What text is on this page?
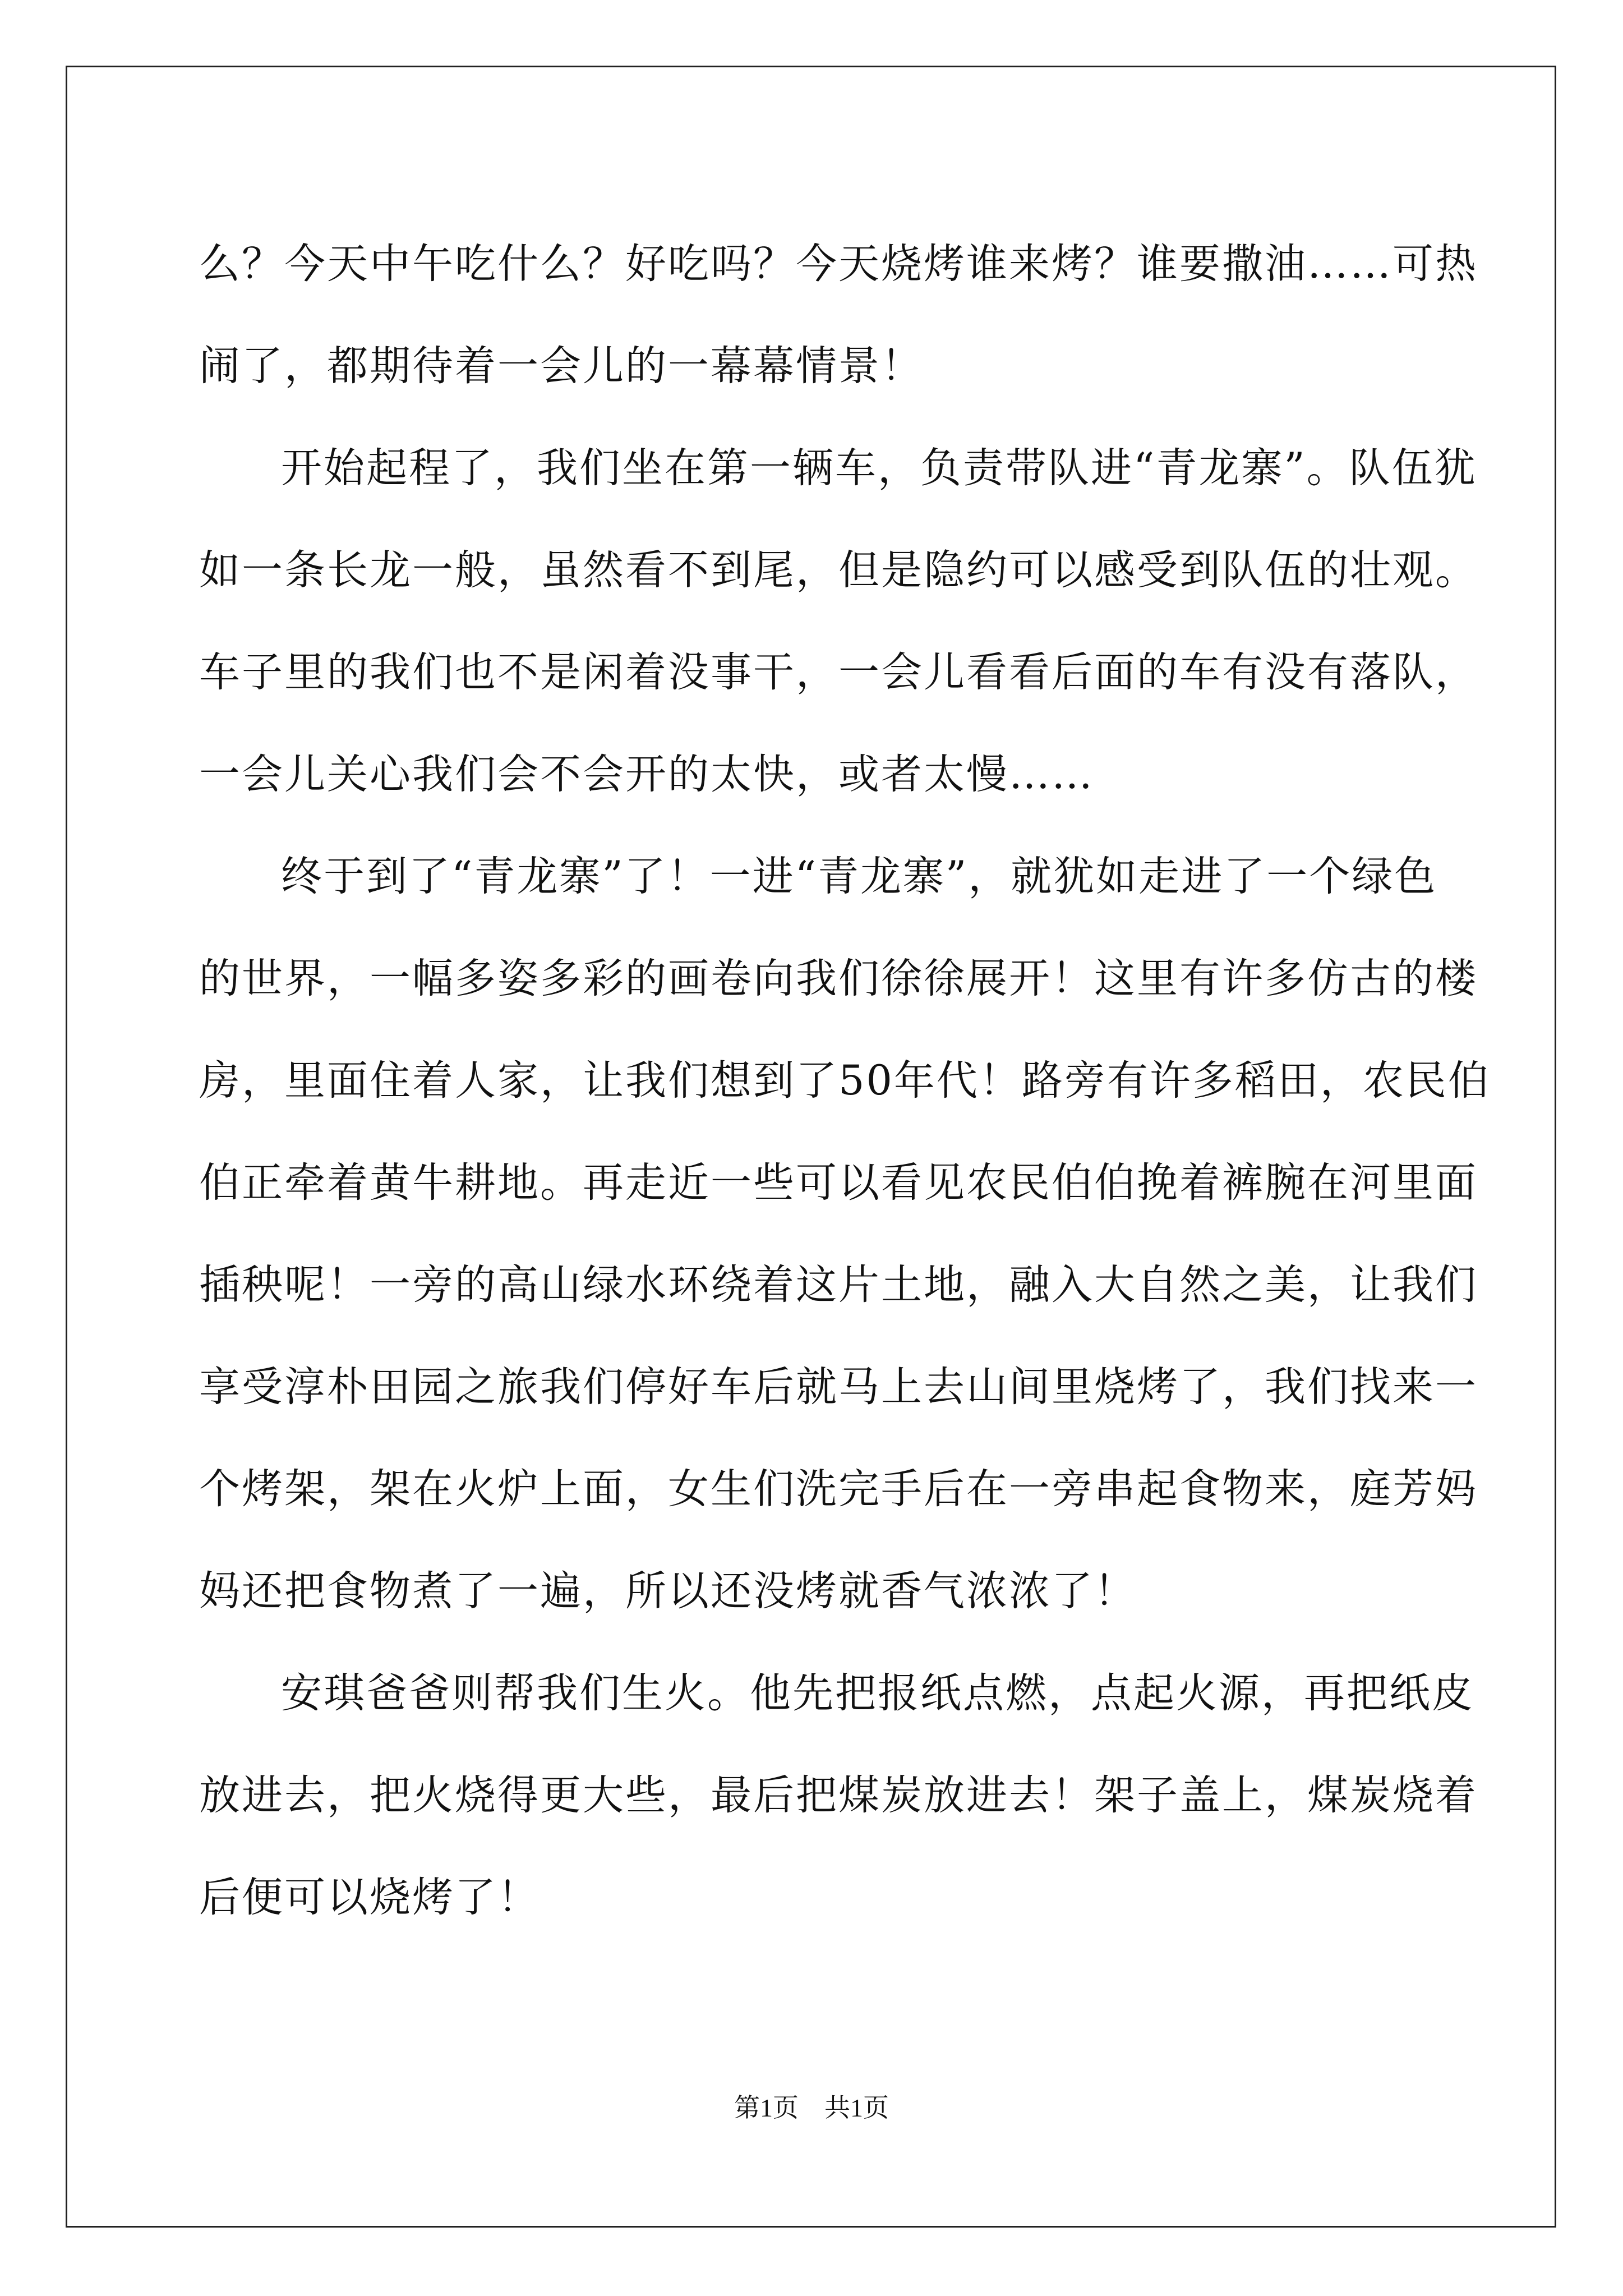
么？今天中午吃什么？好吃吗？今天烧烤谁来烤？谁要撒油……可热
闹了，都期待着一会儿的一幕幕情景！
开始起程了，我们坐在第一辆车，负责带队进“青龙寨”。队伍犹
如一条长龙一般，虽然看不到尾，但是隐约可以感受到队伍的壮观。
车子里的我们也不是闲着没事干，一会儿看看后面的车有没有落队，
一会儿关心我们会不会开的太快，或者太慢……
终于到了“青龙寨”了！一进“青龙寨”，就犹如走进了一个绿色
的世界，一幅多姿多彩的画卷向我们徐徐展开！这里有许多仿古的楼
房，里面住着人家，让我们想到了50年代！路旁有许多稻田，农民伯
伯正牵着黄牛耕地。再走近一些可以看见农民伯伯挽着裤腕在河里面
插秧呢！一旁的高山绿水环绕着这片土地，融入大自然之美，让我们
享受淳朴田园之旅我们停好车后就马上去山间里烧烤了，我们找来一
个烤架，架在火炉上面，女生们洗完手后在一旁串起食物来，庭芳妈
妈还把食物煮了一遍，所以还没烤就香气浓浓了！
安琪爸爸则帮我们生火。他先把报纸点燃，点起火源，再把纸皮
放进去，把火烧得更大些，最后把煤炭放进去！架子盖上，煤炭烧着
后便可以烧烤了！
第1页 共1页
